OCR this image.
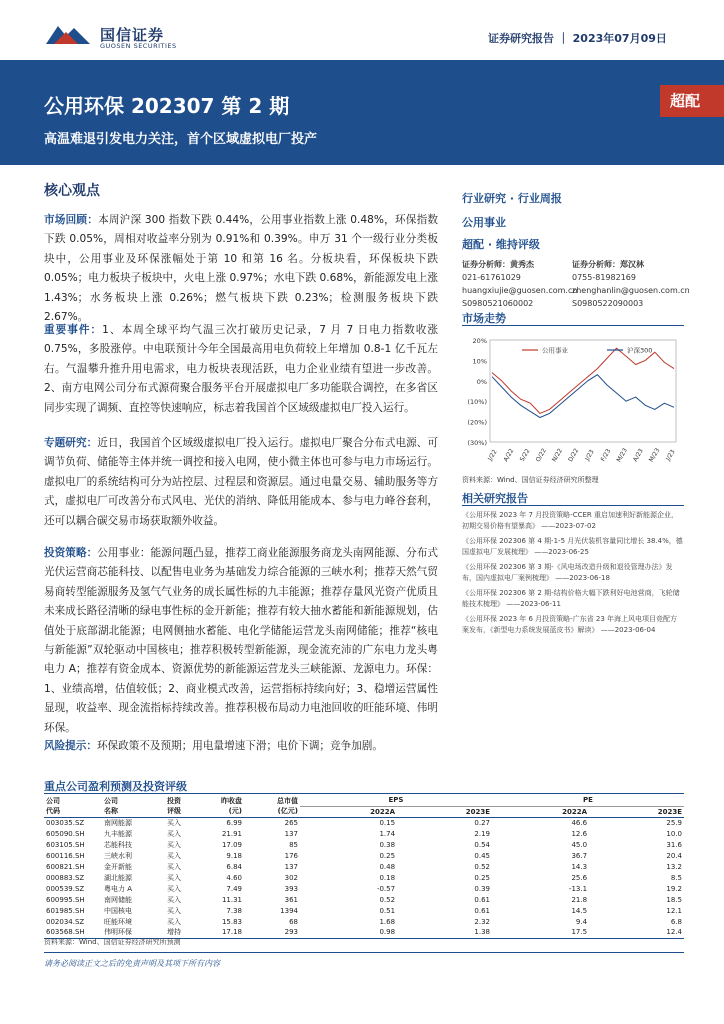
国信证券
GUOSEN SECURITIES
证券研究报告 ｜ 2023年07月09日
公用环保 202307 第 2 期
高温难退引发电力关注，首个区域虚拟电厂投产
超配
核心观点
市场回顾：本周沪深 300 指数下跌 0.44%，公用事业指数上涨 0.48%，环保指数下跌 0.05%，周相对收益率分别为 0.91%和 0.39%。申万 31 个一级行业分类板块中，公用事业及环保涨幅处于第 10 和第 16 名。分板块看，环保板块下跌 0.05%；电力板块子板块中，火电上涨 0.97%；水电下跌 0.68%，新能源发电上涨 1.43%；水务板块上涨 0.26%；燃气板块下跌 0.23%；检测服务板块下跌 2.67%。
重要事件：1、本周全球平均气温三次打破历史记录，7 月 7 日电力指数收涨 0.75%，多股涨停。中电联预计今年全国最高用电负荷较上年增加 0.8-1 亿千瓦左右。气温攀升推升用电需求，电力板块表现活跃，电力企业业绩有望进一步改善。2、南方电网公司分布式源荷聚合服务平台开展虚拟电厂多功能联合调控，在多省区同步实现了调频、直控等快速响应，标志着我国首个区域级虚拟电厂投入运行。
专题研究：近日，我国首个区域级虚拟电厂投入运行。虚拟电厂聚合分布式电源、可调节负荷、储能等主体并统一调控和接入电网，使小微主体也可参与电力市场运行。虚拟电厂的系统结构可分为站控层、过程层和资源层。通过电量交易、辅助服务等方式，虚拟电厂可改善分布式风电、光伏的消纳、降低用能成本、参与电力峰谷套利，还可以耦合碳交易市场获取额外收益。
投资策略：公用事业：能源问题凸显，推荐工商业能源服务商龙头南网能源、分布式光伏运营商芯能科技、以配售电业务为基础发力综合能源的三峡水利；推荐天然气贸易商转型能源服务及氢气气业务的成长属性标的九丰能源；推荐存量风光资产优质且未来成长路径清晰的绿电事性标的金开新能；推荐有较大抽水蓄能和新能源规划，估值处于底部湖北能源；电网侧抽水蓄能、电化学储能运营龙头南网储能；推荐“核电与新能源”双轮驱动中国核电；推荐积极转型新能源，现金流充沛的广东电力龙头粤电力 A；推荐有资金成本、资源优势的新能源运营龙头三峡能源、龙源电力。环保：1、业绩高增，估值较低；2、商业模式改善，运营指标持续向好；3、稳增运营属性显现，收益率、现金流指标持续改善。推荐积极布局动力电池回收的旺能环境、伟明环保。
风险提示：环保政策不及预期；用电量增速下滑；电价下调；竞争加剧。
行业研究 · 行业周报
公用事业
超配 · 维持评级
证券分析师：黄秀杰
021-61761029
huangxiujie@guosen.com.cn
S0980521060002
证券分析师：郑汉林
0755-81982169
zhenghanlin@guosen.com.cn
S0980522090003
市场走势
20%
10%
0%
(10%)
(20%)
(30%)
J/22 A/22 S/22 O/22 N/22 D/22 J/23 F/23 M/23 A/23 M/23 J/23
公用事业	沪深300
资料来源：Wind、国信证券经济研究所整理
相关研究报告
《公用环保 2023 年 7 月投资策略-CCER 重启加速利好新能源企业，初期交易价格有望暴高》 ——2023-07-02
《公用环保 202306 第 4 期-1-5 月光伏装机容量同比增长 38.4%，德国虚拟电厂发展梳理》 ——2023-06-25
《公用环保 202306 第 3 期-《风电场改造升级和退役管理办法》发布，国内虚拟电厂案例梳理》 ——2023-06-18
《公用环保 202306 第 2 期-结构价格大幅下跌利好电池营商，飞轮储能技术梳理》 ——2023-06-11
《公用环保 2023 年 6 月投资策略-广东省 23 年海上风电项目竞配方案发布，《新型电力系统发展蓝皮书》解读》 ——2023-06-04
重点公司盈利预测及投资评级
公司	公司	投资	昨收盘	总市值	EPS		PE	
代码	名称	评级	(元)	(亿元)	2022A	2023E	2022A	2023E
003035.SZ	南网能源	买入	6.99	265	0.15	0.27	46.6	25.9
605090.SH	九丰能源	买入	21.91	137	1.74	2.19	12.6	10.0
603105.SH	芯能科技	买入	17.09	85	0.38	0.54	45.0	31.6
600116.SH	三峡水利	买入	9.18	176	0.25	0.45	36.7	20.4
600821.SH	金开新能	买入	6.84	137	0.48	0.52	14.3	13.2
000883.SZ	湖北能源	买入	4.60	302	0.18	0.25	25.6	8.5
000539.SZ	粤电力 A	买入	7.49	393	-0.57	0.39	-13.1	19.2
600995.SH	南网储能	买入	11.31	361	0.52	0.61	21.8	18.5
601985.SH	中国核电	买入	7.38	1394	0.51	0.61	14.5	12.1
002034.SZ	旺能环境	买入	15.83	68	1.68	2.32	9.4	6.8
603568.SH	伟明环保	增持	17.18	293	0.98	1.38	17.5	12.4
资料来源：Wind、国信证券经济研究所预测
请务必阅读正文之后的免责声明及其项下所有内容
